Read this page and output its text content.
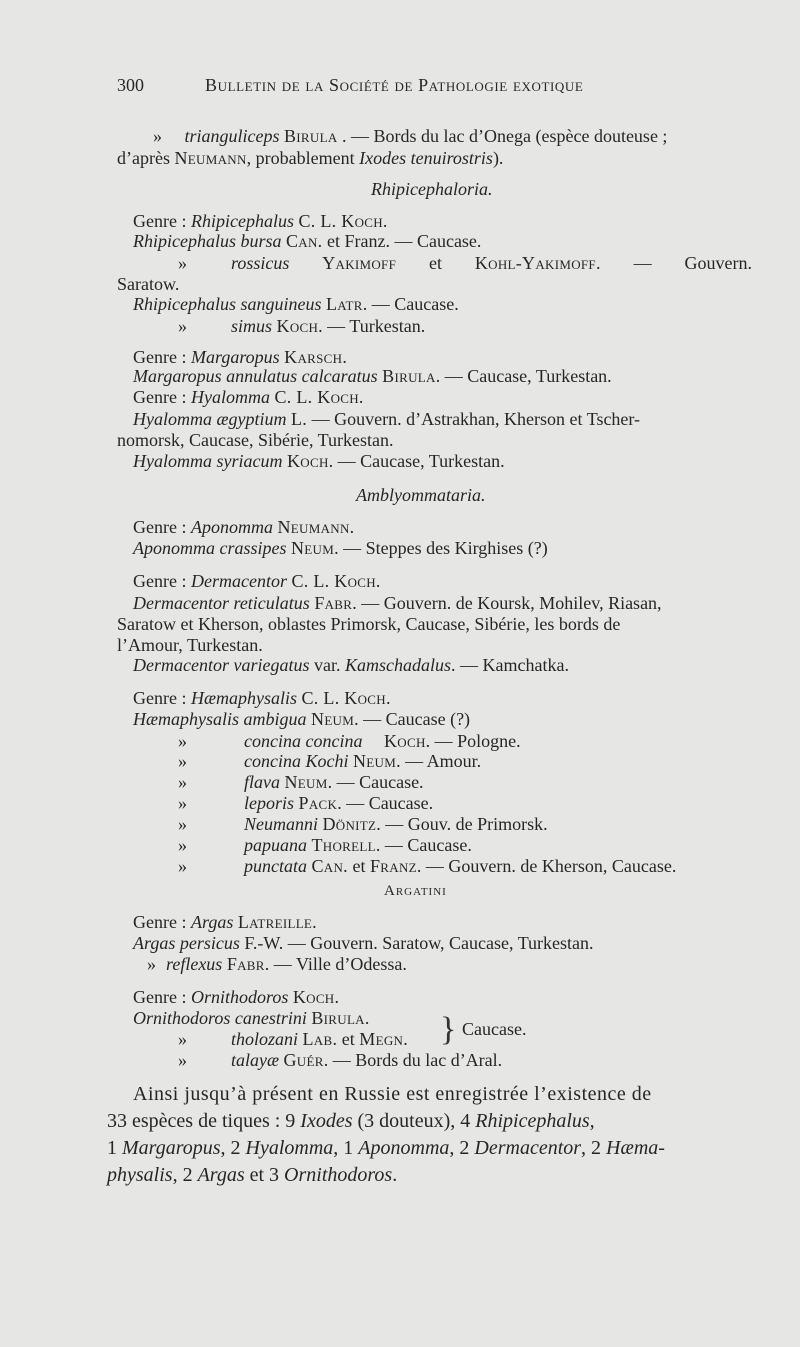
300	Bulletin de la Société de Pathologie exotique
» trianguliceps Birula . — Bords du lac d’Onega (espèce douteuse ;
d’après Neumann, probablement Ixodes tenuirostris).
Rhipicephaloria.
Genre : Rhipicephalus C. L. Koch.
Rhipicephalus bursa Can. et Franz. — Caucase.
» rossicus Yakimoff et Kohl-Yakimoff. — Gouvern.
Saratow.
Rhipicephalus sanguineus Latr. — Caucase.
» simus Koch. — Turkestan.
Genre : Margaropus Karsch.
Margaropus annulatus calcaratus Birula. — Caucase, Turkestan.
Genre : Hyalomma C. L. Koch.
Hyalomma ægyptium L. — Gouvern. d’Astrakhan, Kherson et Tscher-
nomorsk, Caucase, Sibérie, Turkestan.
Hyalomma syriacum Koch. — Caucase, Turkestan.
Amblyommataria.
Genre : Aponomma Neumann.
Aponomma crassipes Neum. — Steppes des Kirghises (?)
Genre : Dermacentor C. L. Koch.
Dermacentor reticulatus Fabr. — Gouvern. de Koursk, Mohilev, Riasan,
Saratow et Kherson, oblastes Primorsk, Caucase, Sibérie, les bords de
l’Amour, Turkestan.
Dermacentor variegatus var. Kamschadalus. — Kamchatka.
Genre : Hæmaphysalis C. L. Koch.
Hæmaphysalis ambigua Neum. — Caucase (?)
»	concina concina Koch. — Pologne.
»	concina Kochi Neum. — Amour.
»	flava Neum. — Caucase.
»	leporis Pack. — Caucase.
»	Neumanni Dönitz. — Gouv. de Primorsk.
»	papuana Thorell. — Caucase.
»	punctata Can. et Franz. — Gouvern. de Kherson, Caucase.
Argatini
Genre : Argas Latreille.
Argas persicus F.-W. — Gouvern. Saratow, Caucase, Turkestan.
» reflexus Fabr. — Ville d’Odessa.
Genre : Ornithodoros Koch.
Ornithodoros canestrini Birula.
» tholozani Lab. et Megn. } Caucase.
» talayæ Guér. — Bords du lac d’Aral.
Ainsi jusqu’à présent en Russie est enregistrée l’existence de
33 espèces de tiques : 9 Ixodes (3 douteux), 4 Rhipicephalus,
1 Margaropus, 2 Hyalomma, 1 Aponomma, 2 Dermacentor, 2 Hæma-
physalis, 2 Argas et 3 Ornithodoros.
